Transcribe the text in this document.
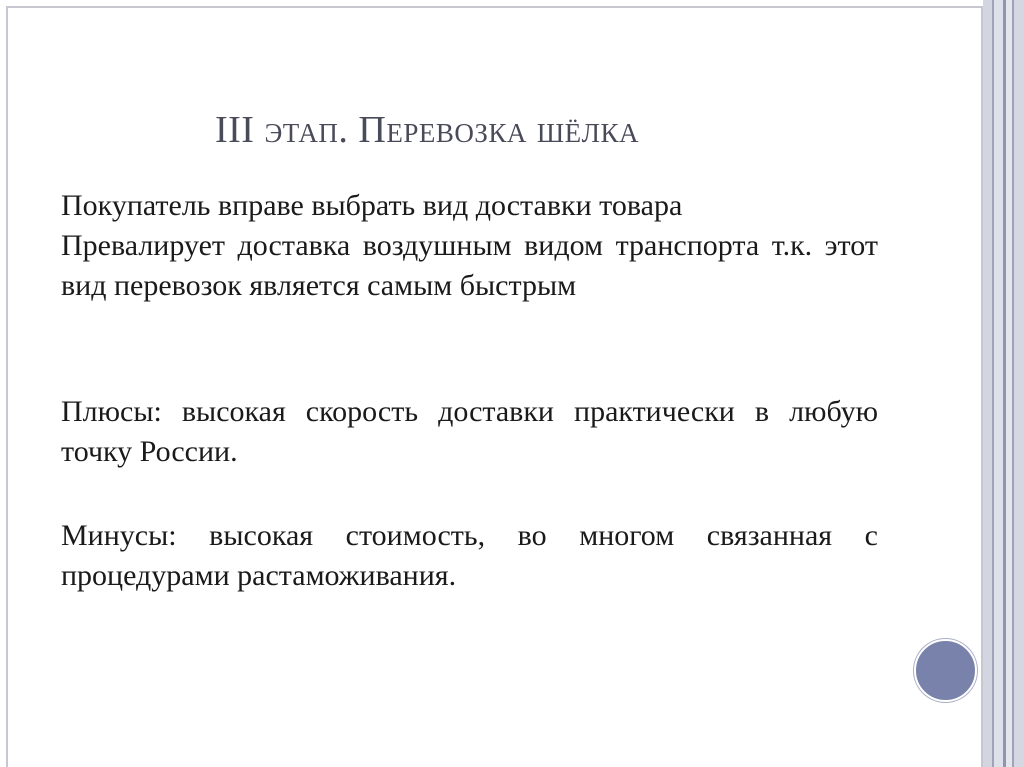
III этап. Перевозка шёлка
Покупатель вправе выбрать вид доставки товара
Превалирует доставка воздушным видом транспорта т.к. этот вид перевозок является самым быстрым
Плюсы: высокая скорость доставки практически в любую точку России.
Минусы: высокая стоимость, во многом связанная с процедурами растаможивания.
